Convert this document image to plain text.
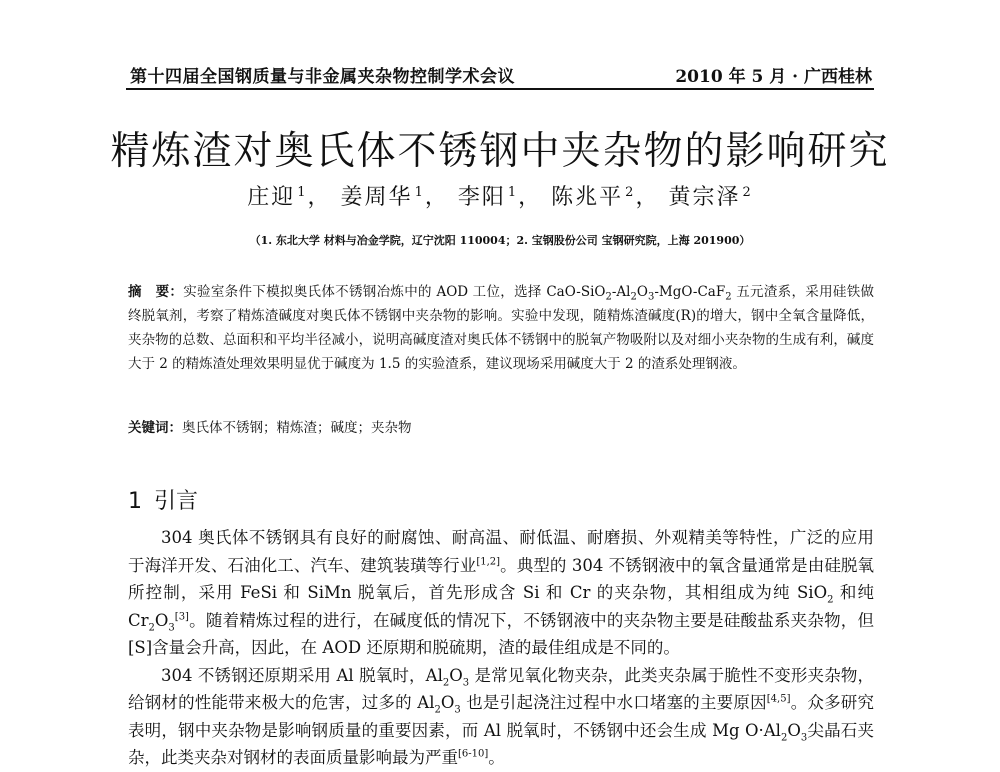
第十四届全国钢质量与非金属夹杂物控制学术会议	2010 年 5 月 · 广西桂林
精炼渣对奥氏体不锈钢中夹杂物的影响研究
庄迎 $^1$， 姜周华 $^1$， 李阳 $^1$， 陈兆平 $^2$， 黄宗泽 $^2$
（1. 东北大学 材料与冶金学院，辽宁沈阳 110004；2. 宝钢股份公司 宝钢研究院，上海 201900）
摘　要：实验室条件下模拟奥氏体不锈钢冶炼中的 AOD 工位，选择 CaO-$SiO_2-Al_2O_3-MgO-CaF_2$ 五元渣系，采用硅铁做终脱氧剂，考察了精炼渣碱度对奥氏体不锈钢中夹杂物的影响。实验中发现，随精炼渣碱度(R)的增大，钢中全氧含量降低，夹杂物的总数、总面积和平均半径减小，说明高碱度渣对奥氏体不锈钢中的脱氧产物吸附以及对细小夹杂物的生成有利，碱度大于 2 的精炼渣处理效果明显优于碱度为 1.5 的实验渣系，建议现场采用碱度大于 2 的渣系处理钢液。
关键词：奥氏体不锈钢；精炼渣；碱度；夹杂物
1 引言

304 奥氏体不锈钢具有良好的耐腐蚀、耐高温、耐低温、耐磨损、外观精美等特性，广泛的应用于海洋开发、石油化工、汽车、建筑装璜等行业[1,2]。典型的 304 不锈钢液中的氧含量通常是由硅脱氧所控制，采用 FeSi 和 SiMn 脱氧后，首先形成含 Si 和 Cr 的夹杂物，其相组成为纯 SiO$_2$ 和纯 $Cr_2O_3[3]$。随着精炼过程的进行，在碱度低的情况下，不锈钢液中的夹杂物主要是硅酸盐系夹杂物，但[S]含量会升高，因此，在 AOD 还原期和脱硫期，渣的最佳组成是不同的。

304 不锈钢还原期采用 Al 脱氧时，$Al_2O_3$ 是常见氧化物夹杂，此类夹杂属于脆性不变形夹杂物，给钢材的性能带来极大的危害，过多的 $Al_2O_3$ 也是引起浇注过程中水口堵塞的主要原因[4,5]。众多研究表明，钢中夹杂物是影响钢质量的重要因素，而 Al 脱氧时，不锈钢中还会生成 Mg $O\cdot Al_2O_3$尖晶石夹杂，此类夹杂对钢材的表面质量影响最为严重[6-10]。
